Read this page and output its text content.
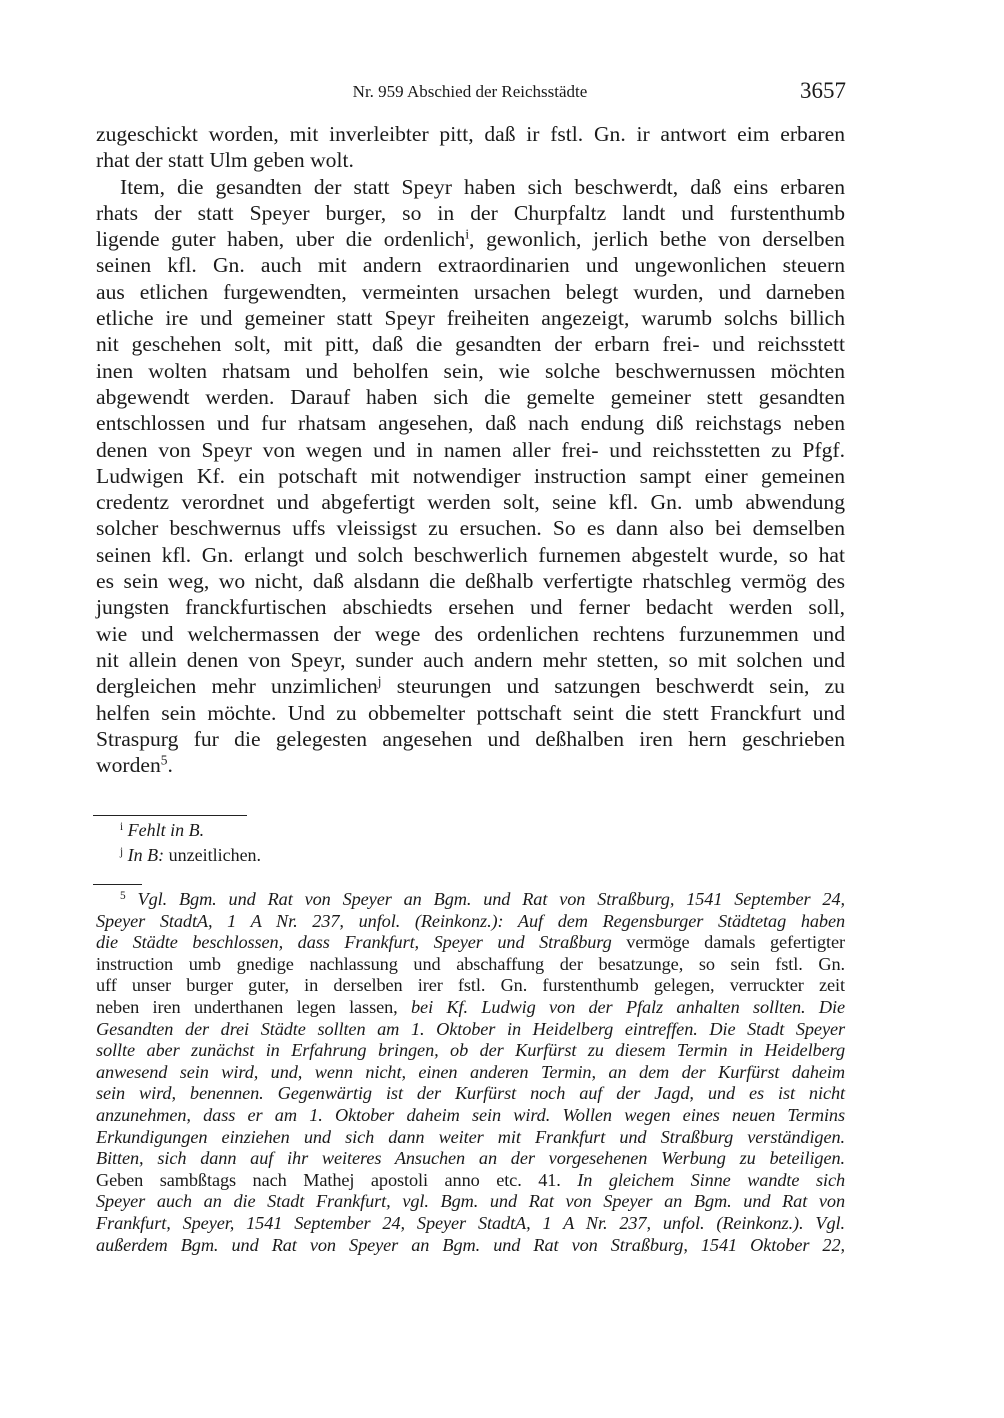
Nr. 959 Abschied der Reichsstädte	3657
zugeschickt worden, mit inverleibter pitt, daß ir fstl. Gn. ir antwort eim erbaren
rhat der statt Ulm geben wolt.
Item, die gesandten der statt Speyr haben sich beschwerdt, daß eins erbaren
rhats der statt Speyer burger, so in der Churpfaltz landt und furstenthumb
ligende guter haben, uber die ordenlich$^i$, gewonlich, jerlich bethe von derselben
seinen kfl. Gn. auch mit andern extraordinarien und ungewonlichen steuern
aus etlichen furgewendten, vermeinten ursachen belegt wurden, und darneben
etliche ire und gemeiner statt Speyr freiheiten angezeigt, warumb solchs billich
nit geschehen solt, mit pitt, daß die gesandten der erbarn frei- und reichsstett
inen wolten rhatsam und beholfen sein, wie solche beschwernussen möchten
abgewendt werden. Darauf haben sich die gemelte gemeiner stett gesandten
entschlossen und fur rhatsam angesehen, daß nach endung diß reichstags neben
denen von Speyr von wegen und in namen aller frei- und reichsstetten zu Pfgf.
Ludwigen Kf. ein potschaft mit notwendiger instruction sampt einer gemeinen
credentz verordnet und abgefertigt werden solt, seine kfl. Gn. umb abwendung
solcher beschwernus uffs vleissigst zu ersuchen. So es dann also bei demselben
seinen kfl. Gn. erlangt und solch beschwerlich furnemen abgestelt wurde, so hat
es sein weg, wo nicht, daß alsdann die deßhalb verfertigte rhatschleg vermög des
jungsten franckfurtischen abschiedts ersehen und ferner bedacht werden soll,
wie und welchermassen der wege des ordenlichen rechtens furzunemmen und
nit allein denen von Speyr, sunder auch andern mehr stetten, so mit solchen und
dergleichen mehr unzimlichen$^j$ steurungen und satzungen beschwerdt sein, zu
helfen sein möchte. Und zu obbemelter pottschaft seint die stett Franckfurt und
Straspurg fur die gelegesten angesehen und deßhalben iren hern geschrieben
worden$^5$.
$^i$ Fehlt in B.
$^j$ In B: unzeitlichen.
$^5$ Vgl. Bgm. und Rat von Speyer an Bgm. und Rat von Straßburg, 1541 September 24,
Speyer StadtA, 1 A Nr. 237, unfol. (Reinkonz.): Auf dem Regensburger Städtetag haben
die Städte beschlossen, dass Frankfurt, Speyer und Straßburg vermöge damals gefertigter
instruction umb gnedige nachlassung und abschaffung der besatzunge, so sein fstl. Gn.
uff unser burger guter, in derselben irer fstl. Gn. furstenthumb gelegen, verruckter zeit
neben iren underthanen legen lassen, bei Kf. Ludwig von der Pfalz anhalten sollten. Die
Gesandten der drei Städte sollten am 1. Oktober in Heidelberg eintreffen. Die Stadt Speyer
sollte aber zunächst in Erfahrung bringen, ob der Kurfürst zu diesem Termin in Heidelberg
anwesend sein wird, und, wenn nicht, einen anderen Termin, an dem der Kurfürst daheim
sein wird, benennen. Gegenwärtig ist der Kurfürst noch auf der Jagd, und es ist nicht
anzunehmen, dass er am 1. Oktober daheim sein wird. Wollen wegen eines neuen Termins
Erkundigungen einziehen und sich dann weiter mit Frankfurt und Straßburg verständigen.
Bitten, sich dann auf ihr weiteres Ansuchen an der vorgesehenen Werbung zu beteiligen.
Geben sambßtags nach Mathej apostoli anno etc. 41. In gleichem Sinne wandte sich
Speyer auch an die Stadt Frankfurt, vgl. Bgm. und Rat von Speyer an Bgm. und Rat von
Frankfurt, Speyer, 1541 September 24, Speyer StadtA, 1 A Nr. 237, unfol. (Reinkonz.). Vgl.
außerdem Bgm. und Rat von Speyer an Bgm. und Rat von Straßburg, 1541 Oktober 22,
